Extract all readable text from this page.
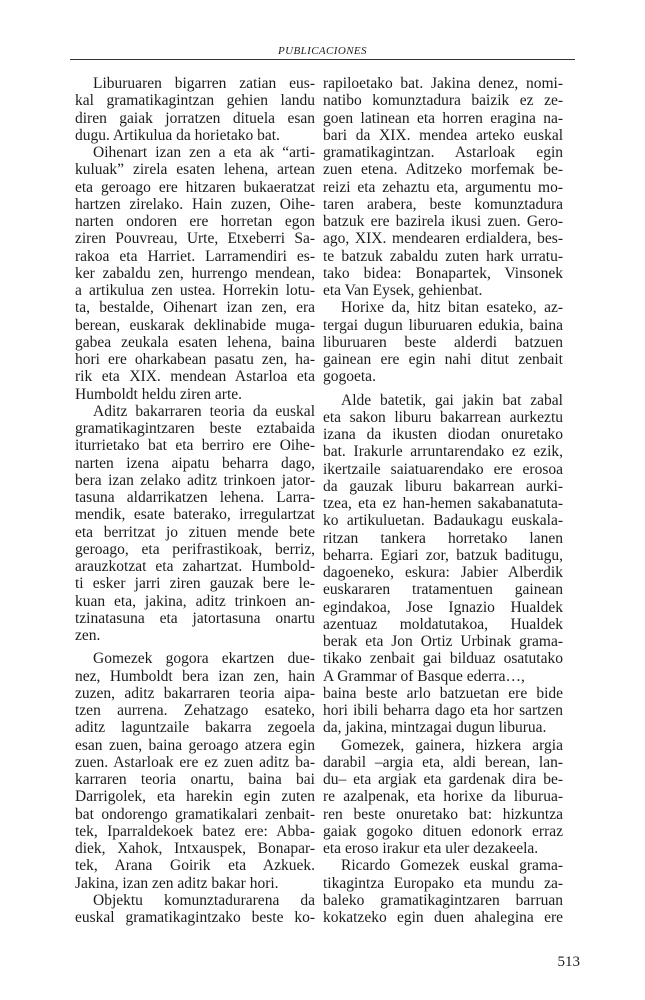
PUBLICACIONES
Liburuaren bigarren zatian eus-
kal gramatikagintzan gehien landu
diren gaiak jorratzen dituela esan
dugu. Artikulua da horietako bat.
Oihenart izan zen a eta ak “arti-
kuluak” zirela esaten lehena, artean
eta geroago ere hitzaren bukaeratzat
hartzen zirelako. Hain zuzen, Oihe-
narten ondoren ere horretan egon
ziren Pouvreau, Urte, Etxeberri Sa-
rakoa eta Harriet. Larramendiri es-
ker zabaldu zen, hurrengo mendean,
a artikulua zen ustea. Horrekin lotu-
ta, bestalde, Oihenart izan zen, era
berean, euskarak deklinabide muga-
gabea zeukala esaten lehena, baina
hori ere oharkabean pasatu zen, ha-
rik eta XIX. mendean Astarloa eta
Humboldt heldu ziren arte.
Aditz bakarraren teoria da euskal
gramatikagintzaren beste eztabaida
iturrietako bat eta berriro ere Oihe-
narten izena aipatu beharra dago,
bera izan zelako aditz trinkoen jator-
tasuna aldarrikatzen lehena. Larra-
mendik, esate baterako, irregulartzat
eta berritzat jo zituen mende bete
geroago, eta perifrastikoak, berriz,
arauzkotzat eta zahartzat. Humbold-
ti esker jarri ziren gauzak bere le-
kuan eta, jakina, aditz trinkoen an-
tzinatasuna eta jatortasuna onartu
zen.
Gomezek gogora ekartzen due-
nez, Humboldt bera izan zen, hain
zuzen, aditz bakarraren teoria aipa-
tzen aurrena. Zehatzago esateko,
aditz laguntzaile bakarra zegoela
esan zuen, baina geroago atzera egin
zuen. Astarloak ere ez zuen aditz ba-
karraren teoria onartu, baina bai
Darrigolek, eta harekin egin zuten
bat ondorengo gramatikalari zenbait-
tek, Iparraldekoek batez ere: Abba-
diek, Xahok, Intxauspek, Bonapar-
tek, Arana Goirik eta Azkuek.
Jakina, izan zen aditz bakar hori.
Objektu komunztadurarena da
euskal gramatikagintzako beste ko-
rapiloetako bat. Jakina denez, nomi-
natibo komunztadura baizik ez ze-
goen latinean eta horren eragina na-
bari da XIX. mendea arteko euskal
gramatikagintzan. Astarloak egin
zuen etena. Aditzeko morfemak be-
reizi eta zehaztu eta, argumentu mo-
taren arabera, beste komunztadura
batzuk ere bazirela ikusi zuen. Gero-
ago, XIX. mendearen erdialdera, bes-
te batzuk zabaldu zuten hark urratu-
tako bidea: Bonapartek, Vinsonek
eta Van Eysek, gehienbat.
Horixe da, hitz bitan esateko, az-
tergai dugun liburuaren edukia, baina
liburuaren beste alderdi batzuen
gainean ere egin nahi ditut zenbait
gogoeta.
Alde batetik, gai jakin bat zabal
eta sakon liburu bakarrean aurkeztu
izana da ikusten diodan onuretako
bat. Irakurle arruntarendako ez ezik,
ikertzaile saiatuarendako ere erosoa
da gauzak liburu bakarrean aurki-
tzea, eta ez han-hemen sakabanatuta-
ko artikuluetan. Badaukagu euskala-
ritzan tankera horretako lanen
beharra. Egiari zor, batzuk baditugu,
dagoeneko, eskura: Jabier Alberdik
euskararen tratamentuen gainean
egindakoa, Jose Ignazio Hualdek
azentuaz moldatutakoa, Hualdek
berak eta Jon Ortiz Urbinak grama-
tikako zenbait gai bilduaz osatutako
A Grammar of Basque ederra…,
baina beste arlo batzuetan ere bide
hori ibili beharra dago eta hor sartzen
da, jakina, mintzagai dugun liburua.
Gomezek, gainera, hizkera argia
darabil –argia eta, aldi berean, lan-
du– eta argiak eta gardenak dira be-
re azalpenak, eta horixe da liburua-
ren beste onuretako bat: hizkuntza
gaiak gogoko dituen edonork erraz
eta eroso irakur eta uler dezakeela.
Ricardo Gomezek euskal grama-
tikagintza Europako eta mundu za-
baleko gramatikagintzaren barruan
kokatzeko egin duen ahalegina ere
513
